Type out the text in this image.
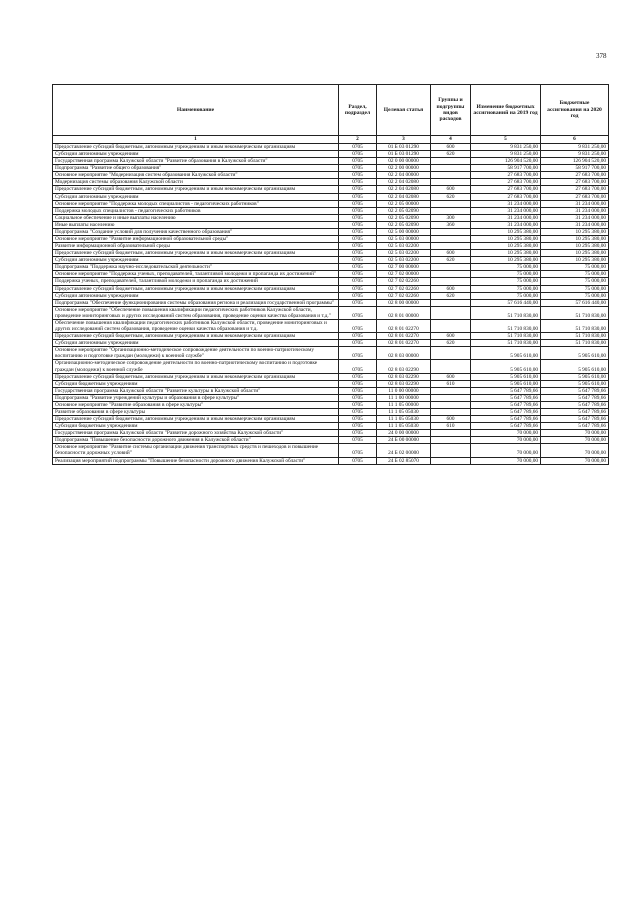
378
Наименование	Раздел, подраздел	Целевая статья	Группы и подгруппы видов расходов	Изменение бюджетных ассигнований на 2019 год	Бюджетные ассигнования на 2020 год
1	2	3	4	5	6
Предоставление субсидий бюджетным, автономным учреждениям и иным некоммерческим организациям	0705	01 Б 03 01290	600	9 831 250,00	9 831 250,00
Субсидии автономным учреждениям	0705	01 Б 03 01290	620	9 831 250,00	9 831 250,00
Государственная программа Калужской области "Развитие образования в Калужской области"	0705	02 0 00 00000		126 904 520,00	126 904 520,00
Подпрограмма "Развитие общего образования"	0705	02 2 00 00000		58 917 700,00	58 917 700,00
Основное мероприятие "Модернизация систем образования Калужской области"	0705	02 2 04 00000		27 683 700,00	27 683 700,00
Модернизация системы образования Калужской области	0705	02 2 04 02080		27 683 700,00	27 683 700,00
Предоставление субсидий бюджетным, автономным учреждениям и иным некоммерческим организациям	0705	02 2 04 02080	600	27 683 700,00	27 683 700,00
Субсидии автономным учреждениям	0705	02 2 04 02080	620	27 683 700,00	27 683 700,00
Основное мероприятие "Поддержка молодых специалистов - педагогических работников"	0705	02 2 05 00000		31 234 000,00	31 234 000,00
Поддержка молодых специалистов - педагогических работников	0705	02 2 05 02090		31 234 000,00	31 234 000,00
Социальное обеспечение и иные выплаты населению	0705	02 2 05 02090	300	31 234 000,00	31 234 000,00
Иные выплаты населению	0705	02 2 05 02090	360	31 234 000,00	31 234 000,00
Подпрограмма "Создание условий для получения качественного образования"	0705	02 5 00 00000		10 295 380,00	10 295 380,00
Основное мероприятие "Развитие информационной образовательной среды"	0705	02 5 03 00000		10 295 380,00	10 295 380,00
Развитие информационной образовательной среды	0705	02 5 03 02200		10 295 380,00	10 295 380,00
Предоставление субсидий бюджетным, автономным учреждениям и иным некоммерческим организациям	0705	02 5 03 02200	600	10 295 380,00	10 295 380,00
Субсидии автономным учреждениям	0705	02 5 03 02200	620	10 295 380,00	10 295 380,00
Подпрограмма "Поддержка научно-исследовательской деятельности"	0705	02 7 00 00000		75 000,00	75 000,00
Основное мероприятие "Поддержка ученых, преподавателей, талантливой молодежи и пропаганда их достижений"	0705	02 7 02 00000		75 000,00	75 000,00
Поддержка ученых, преподавателей, талантливой молодежи и пропаганда их достижений	0705	02 7 02 02260		75 000,00	75 000,00
Предоставление субсидий бюджетным, автономным учреждениям и иным некоммерческим организациям	0705	02 7 02 02260	600	75 000,00	75 000,00
Субсидии автономным учреждениям	0705	02 7 02 02260	620	75 000,00	75 000,00
Подпрограмма "Обеспечение функционирования системы образования региона и реализация государственной программы"	0705	02 8 00 00000		57 616 440,00	57 616 440,00
Основное мероприятие "Обеспечение повышения квалификации педагогических работников Калужской области, проведение мониторинговых и других исследований систем образования, проведение оценки качества образования и т.д."	0705	02 8 01 00000		51 710 830,00	51 710 830,00
Обеспечение повышения квалификации педагогических работников Калужской области, проведение мониторинговых и других исследований систем образования, проведение оценки качества образования и т.д.	0705	02 8 01 02270		51 710 830,00	51 710 830,00
Предоставление субсидий бюджетным, автономным учреждениям и иным некоммерческим организациям	0705	02 8 01 02270	600	51 710 830,00	51 710 830,00
Субсидии автономным учреждениям	0705	02 8 01 02270	620	51 710 830,00	51 710 830,00
Основное мероприятие "Организационно-методическое сопровождение деятельности по военно-патриотическому воспитанию и подготовке граждан (молодежи) к военной службе"	0705	02 8 03 00000		5 905 610,00	5 905 610,00
Организационно-методическое сопровождение деятельности по военно-патриотическому воспитанию и подготовке граждан (молодежи) к военной службе	0705	02 8 03 02290		5 905 610,00	5 905 610,00
Предоставление субсидий бюджетным, автономным учреждениям и иным некоммерческим организациям	0705	02 8 03 02290	600	5 905 610,00	5 905 610,00
Субсидии бюджетным учреждениям	0705	02 8 03 02290	610	5 905 610,00	5 905 610,00
Государственная программа Калужской области "Развитие культуры в Калужской области"	0705	11 0 00 00000		5 647 789,66	5 647 789,66
Подпрограмма "Развитие учреждений культуры и образования в сфере культуры"	0705	11 1 00 00000		5 647 789,66	5 647 789,66
Основное мероприятие "Развитие образования в сфере культуры"	0705	11 1 05 00000		5 647 789,66	5 647 789,66
Развитие образования в сфере культуры	0705	11 1 05 05030		5 647 789,66	5 647 789,66
Предоставление субсидий бюджетным, автономным учреждениям и иным некоммерческим организациям	0705	11 1 05 05030	600	5 647 789,66	5 647 789,66
Субсидии бюджетным учреждениям	0705	11 1 05 05030	610	5 647 789,66	5 647 789,66
Государственная программа Калужской области "Развитие дорожного хозяйства Калужской области"	0705	24 0 00 00000		70 000,00	70 000,00
Подпрограмма "Повышение безопасности дорожного движения в Калужской области"	0705	24 Б 00 00000		70 000,00	70 000,00
Основное мероприятие "Развитие системы организации движения транспортных средств и пешеходов и повышение безопасности дорожных условий"	0705	24 Б 02 00000		70 000,00	70 000,00
Реализация мероприятий подпрограммы "Повышение безопасности дорожного движения Калужской области"	0705	24 Б 02 85070		70 000,00	70 000,00
